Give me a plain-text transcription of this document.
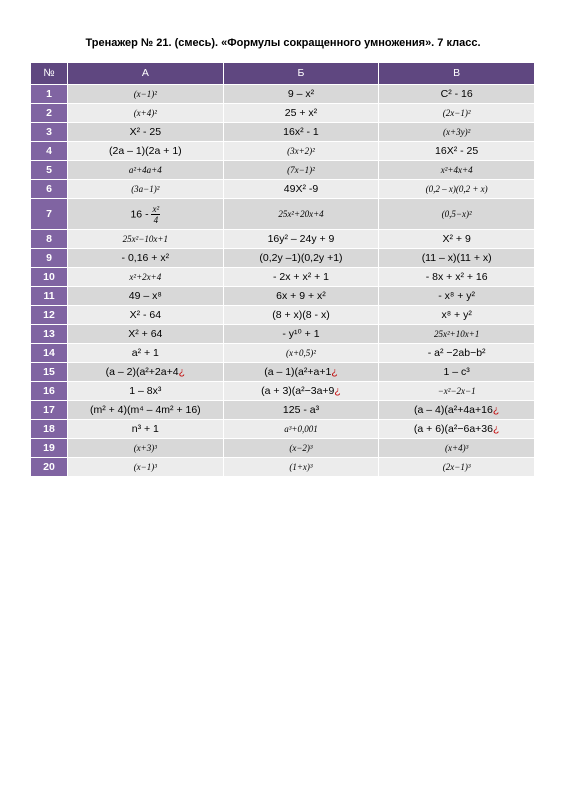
Тренажер № 21. (смесь). «Формулы сокращенного умножения». 7 класс.
№	А	Б	В
1	(x−1)²	9 – x²	C² - 16
2	(x+4)²	25 + x²	(2x−1)²
3	X² - 25	16x² - 1	(x+3y)²
4	(2a – 1)(2a + 1)	(3x+2)²	16X² - 25
5	a²+4a+4	(7x−1)²	x²+4x+4
6	(3a−1)²	49X² -9	(0,2 – x)(0,2 + x)
7	$16 - \frac{\text{x²}}{4}$	25x²+20x+4	(0,5−x)²
8	25x²−10x+1	16y² – 24y + 9	X² + 9
9	- 0,16 + x²	(0,2y –1)(0,2y +1)	(11 – x)(11 + x)
10	x²+2x+4	- 2x + x² + 1	- 8x + x² + 16
11	49 – x⁸	6x + 9 + x²	- x⁸ + y²
12	X² - 64	(8 + x)(8 - x)	x⁸ + y²
13	X² + 64	- y¹⁰ + 1	25x²+10x+1
14	a² + 1	(x+0,5)²	- a² −2ab−b²
15	(a – 2)(a²+2a+4¿	(a – 1)(a²+a+1¿	1 – c³
16	1 – 8x³	(a + 3)(a²−3a+9¿	−x²−2x−1
17	(m² + 4)(m⁴ – 4m² + 16)	125 - a³	(a – 4)(a²+4a+16¿
18	n³ + 1	a³+0,001	(a + 6)(a²−6a+36¿
19	(x+3)³	(x−2)³	(x+4)³
20	(x−1)³	(1+x)³	(2x−1)³
